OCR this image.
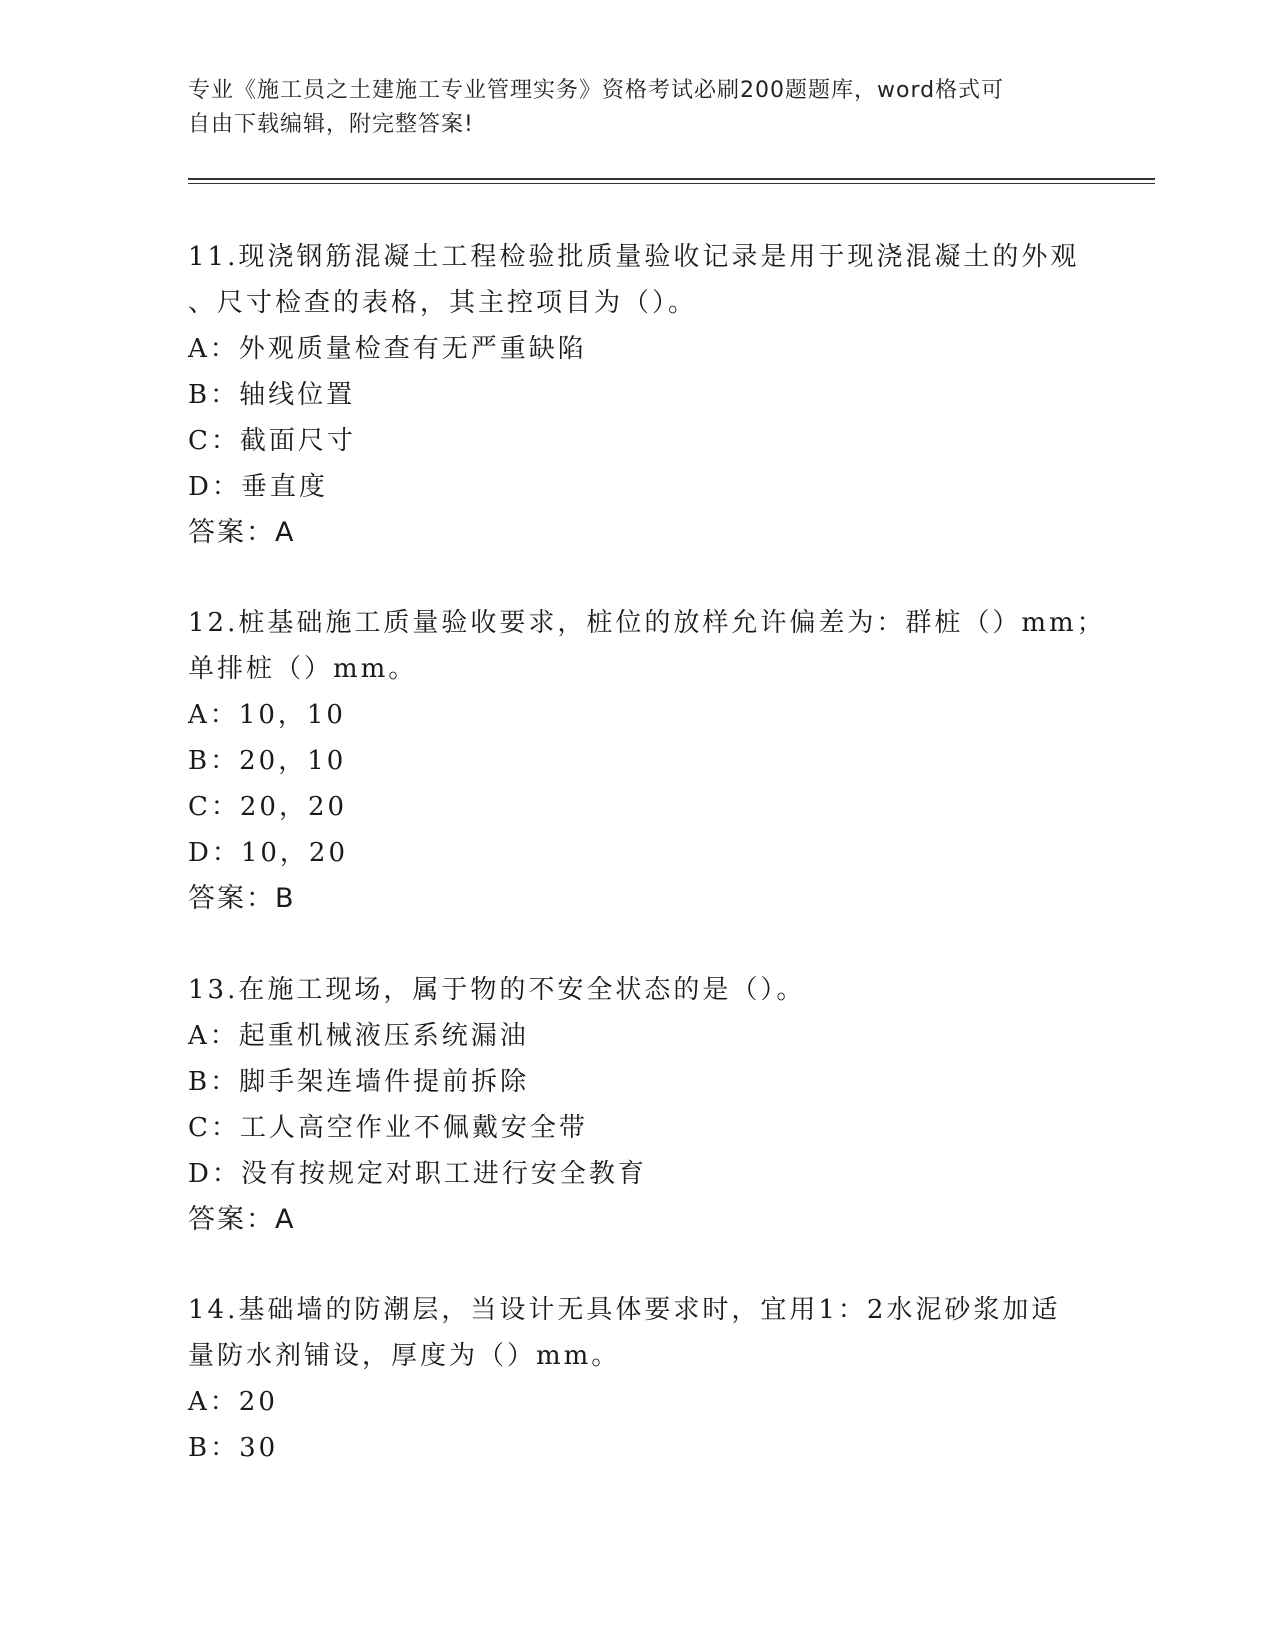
专业《施工员之土建施工专业管理实务》资格考试必刷200题题库，word格式可
自由下载编辑，附完整答案!
11.现浇钢筋混凝土工程检验批质量验收记录是用于现浇混凝土的外观
、尺寸检查的表格，其主控项目为（）。
A：外观质量检查有无严重缺陷
B：轴线位置
C：截面尺寸
D：垂直度
答案：A
12.桩基础施工质量验收要求，桩位的放样允许偏差为：群桩（）mm；
单排桩（）mm。
A：10，10
B：20，10
C：20，20
D：10，20
答案：B
13.在施工现场，属于物的不安全状态的是（）。
A：起重机械液压系统漏油
B：脚手架连墙件提前拆除
C：工人高空作业不佩戴安全带
D：没有按规定对职工进行安全教育
答案：A
14.基础墙的防潮层，当设计无具体要求时，宜用1：2水泥砂浆加适
量防水剂铺设，厚度为（）mm。
A：20
B：30
